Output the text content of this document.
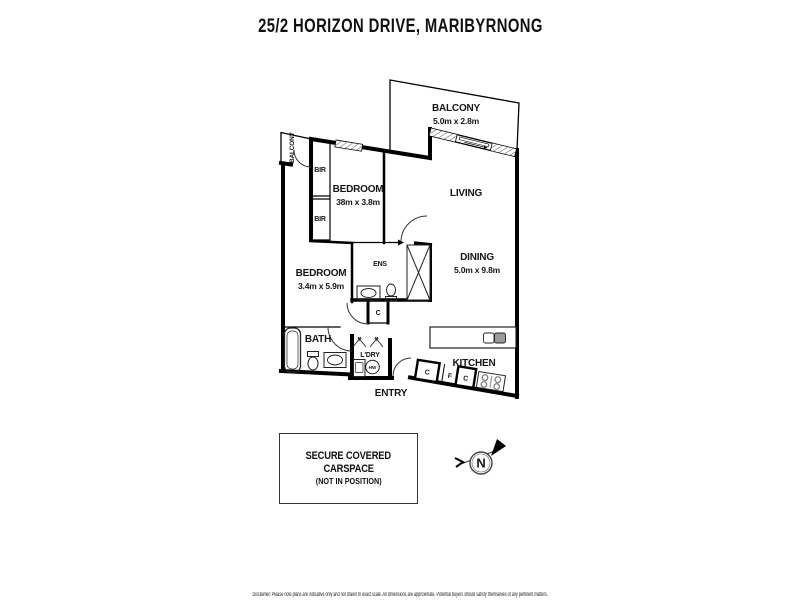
25/2 HORIZON DRIVE, MARIBYRNONG
C F C
BALCONY
5.0m x 2.8m
BALCONY
BEDROOM
38m x 3.8m
LIVING
DINING
5.0m x 9.8m
BEDROOM
3.4m x 5.9m
ENS
BIR
BIR
C
BATH
L'DRY
HW
ENTRY
KITCHEN
N
SECURE COVERED
CARSPACE
(NOT IN POSITION)
Disclaimer: Please note plans are indicative only and not drawn to exact scale. All dimensions are approximate. Potential buyers should satisfy themselves of any pertinent matters.
